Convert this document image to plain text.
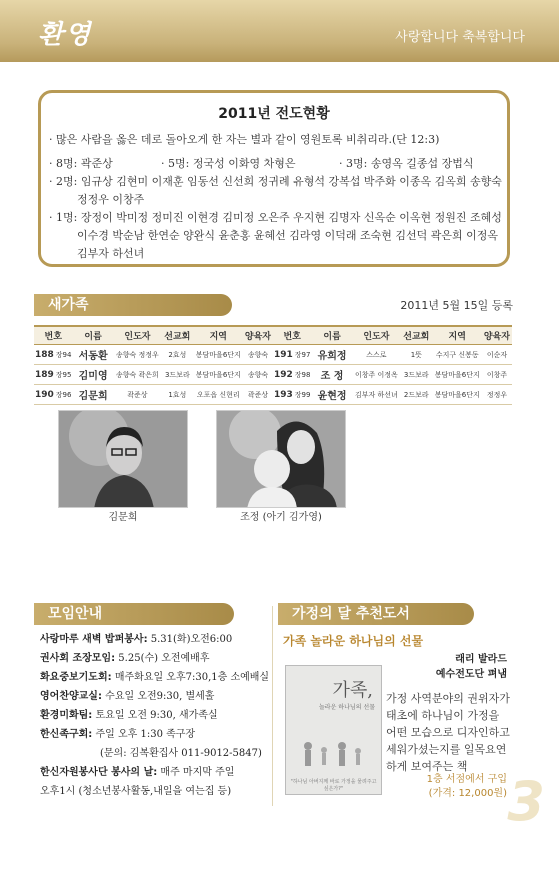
환영	사랑합니다 축복합니다
2011년 전도현황
· 많은 사람을 옳은 데로 돌아오게 한 자는 별과 같이 영원토록 비취리라.(단 12:3)
· 8명: 곽준상	· 5명: 정국성 이화영 차형은	· 3명: 송영옥 길종섭 장법식
· 2명: 임규상 김현미 이재훈 임동선 신선희 정귀례 유형석 강복섭 박주화 이종옥 김옥희 송향숙
정정우 이창주
· 1명: 장정이 박미정 정미진 이현경 김미정 오은주 우지현 김명자 신옥순 이옥현 정원진 조혜성
이수경 박순남 한연순 양완식 윤춘홍 윤혜선 김라영 이덕래 조숙현 김선덕 곽은희 이정옥
김부자 하선녀
새가족	2011년 5월 15일 등록
번호		이름	인도자	선교회	지역	양육자	번호		이름	인도자	선교회	지역	양육자
188	장94	서동환	송향숙 정정우	2효성	봉담마을6단지	송향숙	191	장97	유희정	스스로	1뜻	수지구 신봉동	이순자
189	장95	김미영	송향숙 곽은희	3드보라	봉담마을6단지	송향숙	192	장98	조 정	이창주 이정옥	3드보라	봉담마을6단지	이창주
190	장96	김문희	곽준상	1효성	오포읍 신현리	곽준상	193	장99	윤현정	김부자 하선녀	2드보라	봉담마을6단지	정정우
김문희	조정 (아기 김가영)
모임안내
사랑마루 새벽 밥퍼봉사: 5.31(화)오전6:00
권사회 조장모임: 5.25(수) 오전예배후
화요중보기도회: 매주화요일 오후7:30,1층 소예배실
영어찬양교실: 수요일 오전9:30, 별세홀
환경미화팀: 토요일 오전 9:30, 새가족실
한신족구회: 주일 오후 1:30 족구장
(문의: 김복환집사 011-9012-5847)
한신자원봉사단 봉사의 날: 매주 마지막 주일
오후1시 (청소년봉사활동,내일을 여는집 등)
가정의 달 추천도서
가족 놀라운 하나님의 선물
래리 발라드
예수전도단 펴냄
가족,
놀라운 하나님의 선물
"하나님 아버지께 바로 가정을 물려주고 싶은가?"
가정 사역분야의 권위자가 태초에 하나님이 가정을 어떤 모습으로 디자인하고 세워가셨는지를 일목요연하게 보여주는 책
1층 서점에서 구입
(가격: 12,000원) 3
